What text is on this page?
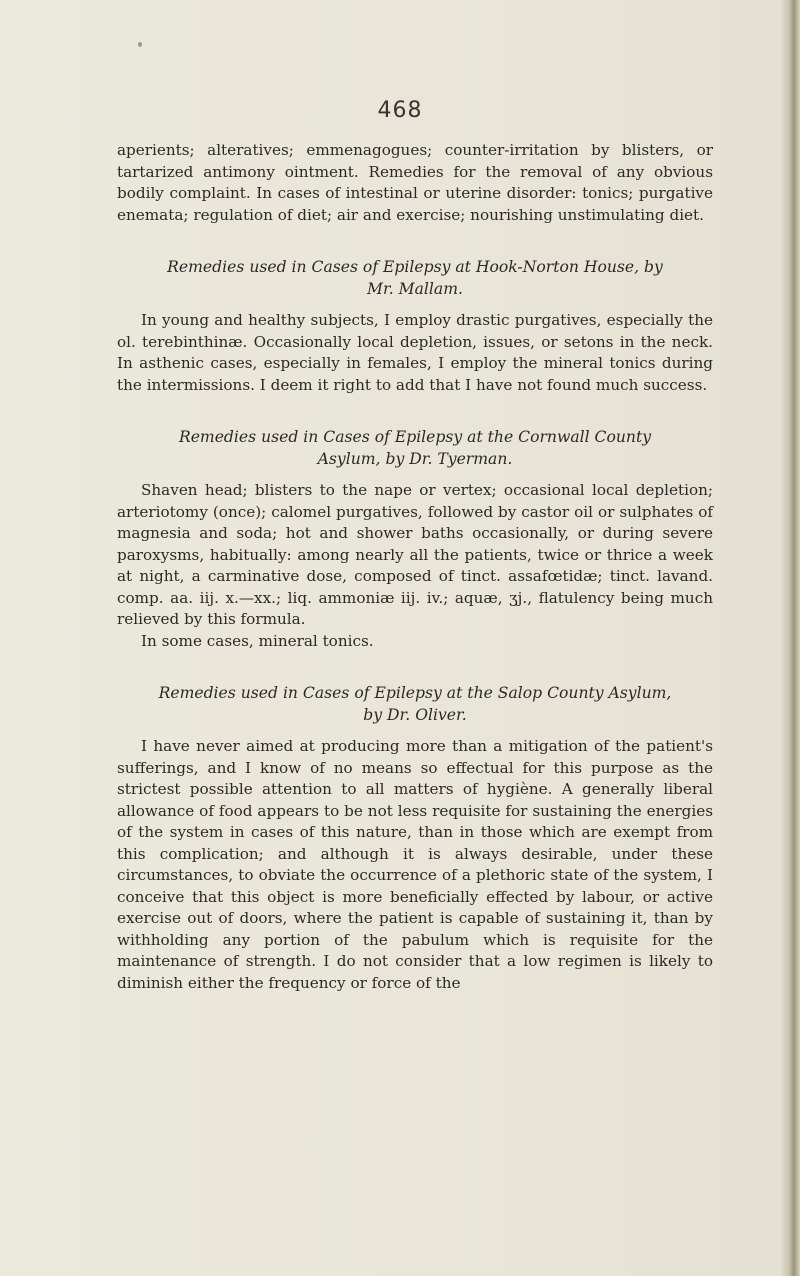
468

aperients; alteratives; emmenagogues; counter-irritation by blisters, or tartarized antimony ointment. Remedies for the removal of any obvious bodily complaint. In cases of intestinal or uterine disorder: tonics; purgative enemata; regulation of diet; air and exercise; nourishing unstimulating diet.

Remedies used in Cases of Epilepsy at Hook-Norton House, by
Mr. Mallam.

In young and healthy subjects, I employ drastic purgatives, especially the ol. terebinthinæ. Occasionally local depletion, issues, or setons in the neck. In asthenic cases, especially in females, I employ the mineral tonics during the intermissions. I deem it right to add that I have not found much success.

Remedies used in Cases of Epilepsy at the Cornwall County
Asylum, by Dr. Tyerman.

Shaven head; blisters to the nape or vertex; occasional local depletion; arteriotomy (once); calomel purgatives, followed by castor oil or sulphates of magnesia and soda; hot and shower baths occasionally, or during severe paroxysms, habitually: among nearly all the patients, twice or thrice a week at night, a carminative dose, composed of tinct. assafœtidæ; tinct. lavand. comp. aa. iij. x.—xx.; liq. ammoniæ iij. iv.; aquæ, ʒj., flatulency being much relieved by this formula.

In some cases, mineral tonics.

Remedies used in Cases of Epilepsy at the Salop County Asylum,
by Dr. Oliver.

I have never aimed at producing more than a mitigation of the patient's sufferings, and I know of no means so effectual for this purpose as the strictest possible attention to all matters of hygiène. A generally liberal allowance of food appears to be not less requisite for sustaining the energies of the system in cases of this nature, than in those which are exempt from this complication; and although it is always desirable, under these circumstances, to obviate the occurrence of a plethoric state of the system, I conceive that this object is more beneficially effected by labour, or active exercise out of doors, where the patient is capable of sustaining it, than by withholding any portion of the pabulum which is requisite for the maintenance of strength. I do not consider that a low regimen is likely to diminish either the frequency or force of the
